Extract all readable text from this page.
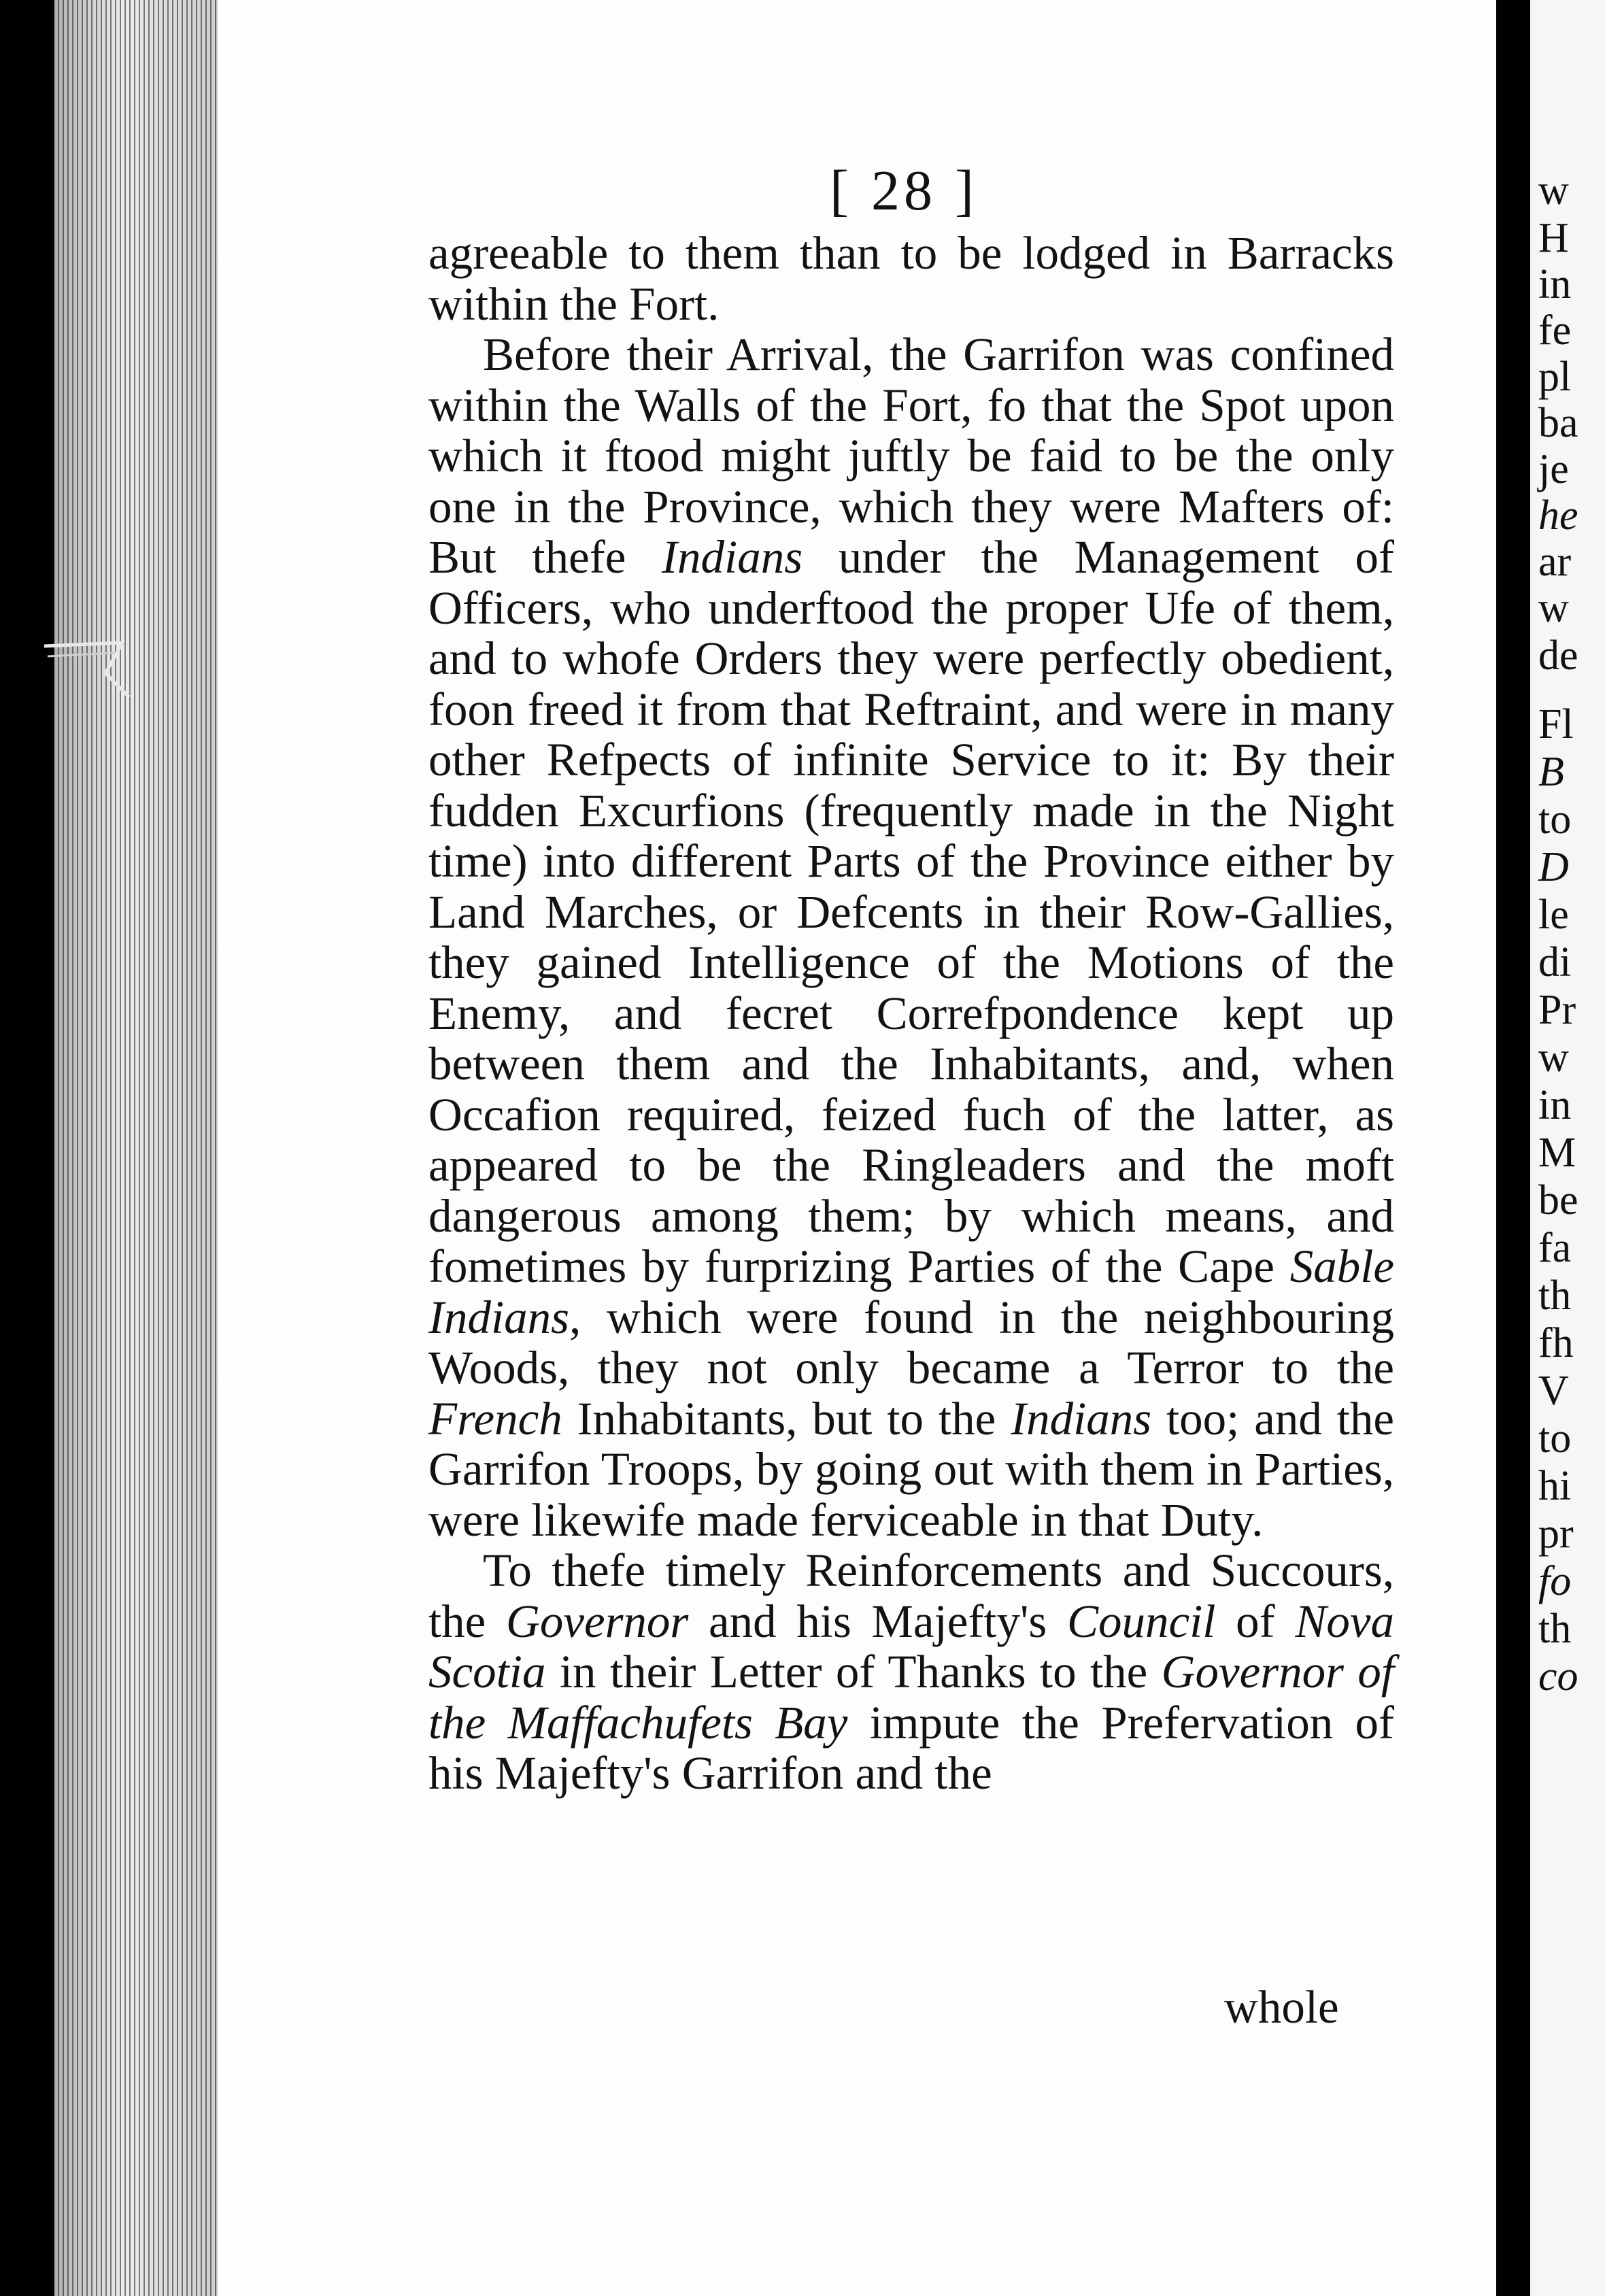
[ 28 ]

agreeable to them than to be lodged in Barracks within the Fort.

Before their Arrival, the Garrifon was confined within the Walls of the Fort, fo that the Spot upon which it ftood might juftly be faid to be the only one in the Province, which they were Mafters of: But thefe Indians under the Management of Officers, who underftood the proper Ufe of them, and to whofe Orders they were perfectly obedient, foon freed it from that Reftraint, and were in many other Refpects of infinite Service to it: By their fudden Excurfions (frequently made in the Night time) into different Parts of the Province either by Land Marches, or Defcents in their Row-Gallies, they gained Intelligence of the Motions of the Enemy, and fecret Correfpondence kept up between them and the Inhabitants, and, when Occafion required, feized fuch of the latter, as appeared to be the Ringleaders and the moft dangerous among them; by which means, and fometimes by furprizing Parties of the Cape Sable Indians, which were found in the neighbouring Woods, they not only became a Terror to the French Inhabitants, but to the Indians too; and the Garrifon Troops, by going out with them in Parties, were likewife made ferviceable in that Duty.

To thefe timely Reinforcements and Succours, the Governor and his Majefty's Council of Nova Scotia in their Letter of Thanks to the Governor of the Maffachufets Bay impute the Prefervation of his Majefty's Garrifon and the

whole
w
H
in
fe
pl
ba
je
he
ar
w
de
Fl
B
to
D
le
di
Pr
w
in
M
be
fa
th
fh
V
to
hi
pr
fo
th
co
